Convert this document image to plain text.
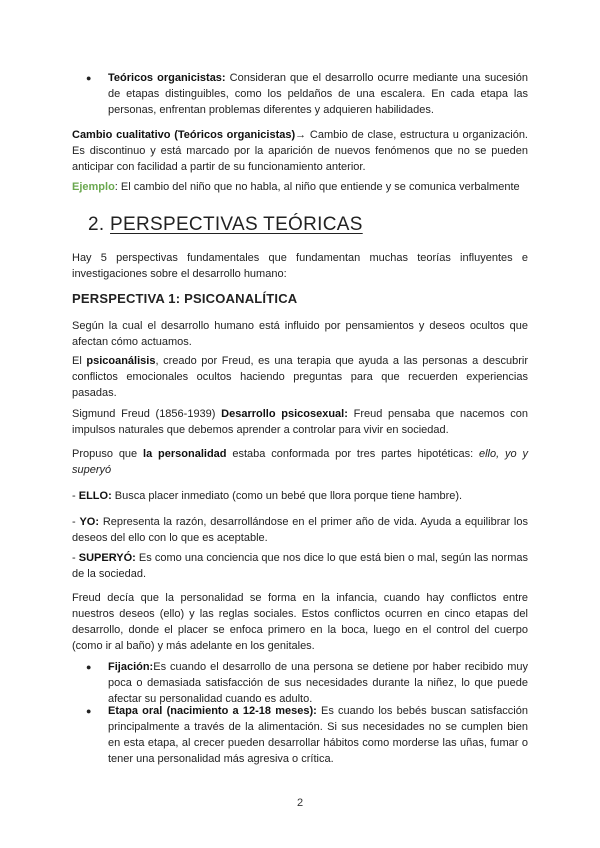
●	Teóricos organicistas: Consideran que el desarrollo ocurre mediante una sucesión de etapas distinguibles, como los peldaños de una escalera. En cada etapa las personas, enfrentan problemas diferentes y adquieren habilidades.

Cambio cualitativo (Teóricos organicistas)→ Cambio de clase, estructura u organización. Es discontinuo y está marcado por la aparición de nuevos fenómenos que no se pueden anticipar con facilidad a partir de su funcionamiento anterior.

Ejemplo: El cambio del niño que no habla, al niño que entiende y se comunica verbalmente

2. PERSPECTIVAS TEÓRICAS

Hay 5 perspectivas fundamentales que fundamentan muchas teorías influyentes e investigaciones sobre el desarrollo humano:

PERSPECTIVA 1: PSICOANALÍTICA

Según la cual el desarrollo humano está influido por pensamientos y deseos ocultos que afectan cómo actuamos.

El psicoanálisis, creado por Freud, es una terapia que ayuda a las personas a descubrir conflictos emocionales ocultos haciendo preguntas para que recuerden experiencias pasadas.

Sigmund Freud (1856-1939) Desarrollo psicosexual: Freud pensaba que nacemos con impulsos naturales que debemos aprender a controlar para vivir en sociedad.

Propuso que la personalidad estaba conformada por tres partes hipotéticas: ello, yo y superyó

- ELLO: Busca placer inmediato (como un bebé que llora porque tiene hambre).

- YO: Representa la razón, desarrollándose en el primer año de vida. Ayuda a equilibrar los deseos del ello con lo que es aceptable.

- SUPERYÓ: Es como una conciencia que nos dice lo que está bien o mal, según las normas de la sociedad.

Freud decía que la personalidad se forma en la infancia, cuando hay conflictos entre nuestros deseos (ello) y las reglas sociales. Estos conflictos ocurren en cinco etapas del desarrollo, donde el placer se enfoca primero en la boca, luego en el control del cuerpo (como ir al baño) y más adelante en los genitales.

●	Fijación:Es cuando el desarrollo de una persona se detiene por haber recibido muy poca o demasiada satisfacción de sus necesidades durante la niñez, lo que puede afectar su personalidad cuando es adulto.
●	Etapa oral (nacimiento a 12-18 meses): Es cuando los bebés buscan satisfacción principalmente a través de la alimentación. Si sus necesidades no se cumplen bien en esta etapa, al crecer pueden desarrollar hábitos como morderse las uñas, fumar o tener una personalidad más agresiva o crítica.
2
